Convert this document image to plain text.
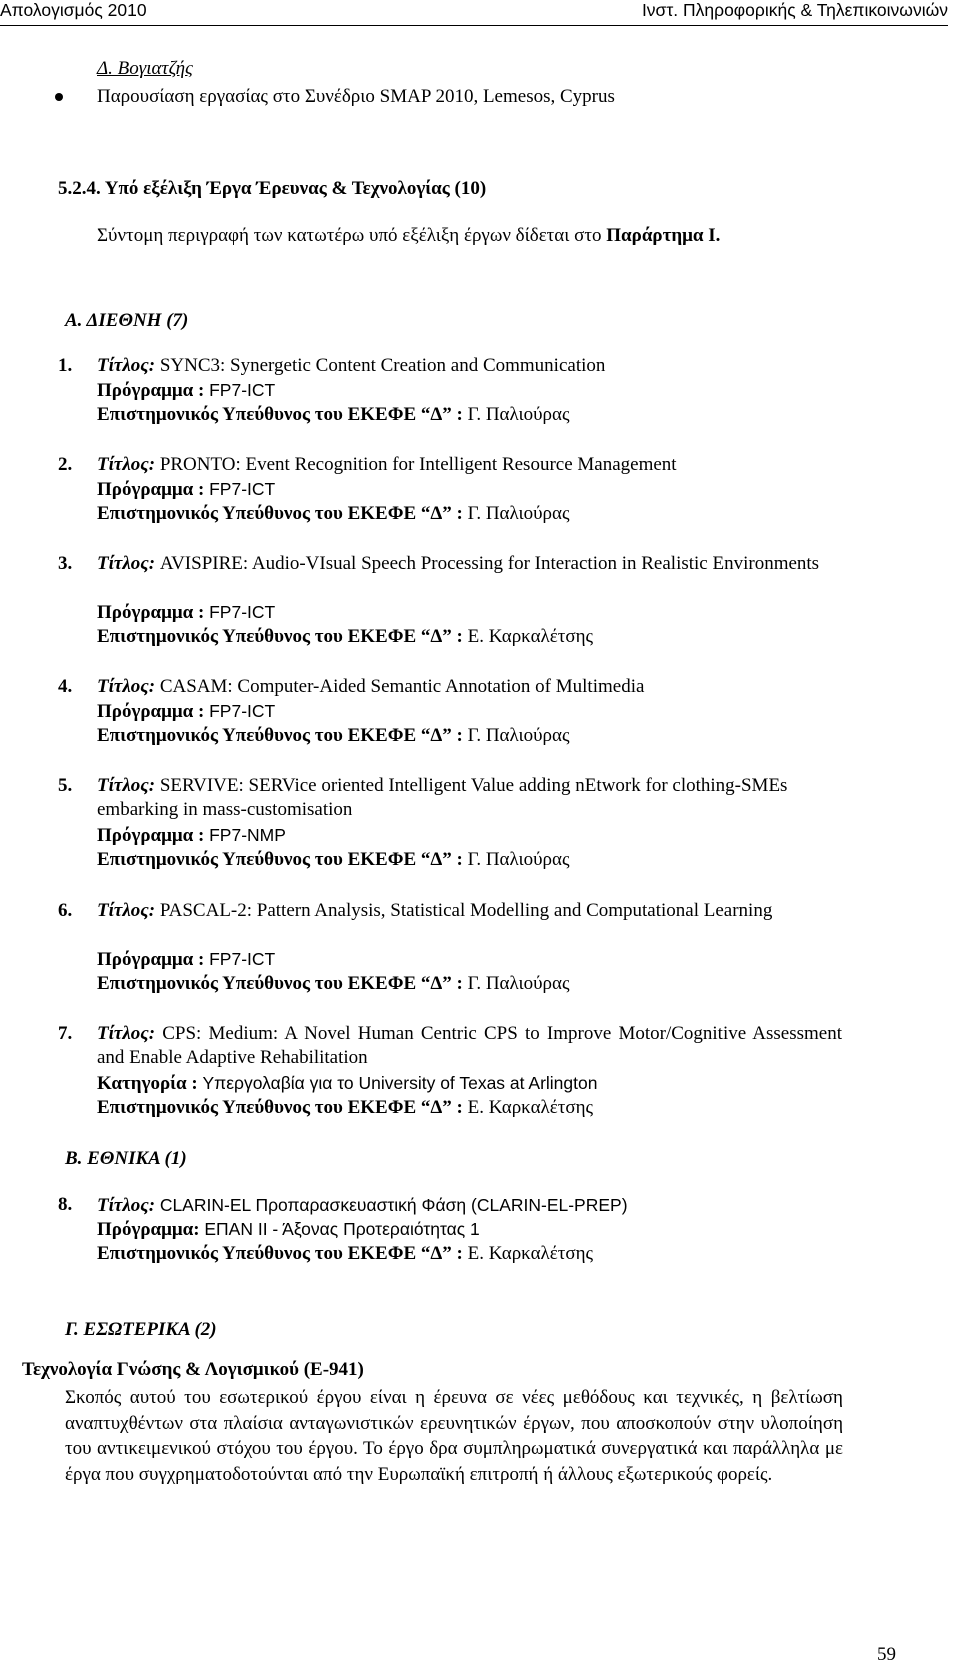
Απολογισμός 2010	Ινστ. Πληροφορικής & Τηλεπικοινωνιών
Δ. Βογιατζής
Παρουσίαση εργασίας στο Συνέδριο SMAP 2010, Lemesos, Cyprus
5.2.4. Υπό εξέλιξη Έργα Έρευνας & Τεχνολογίας (10)
Σύντομη περιγραφή των κατωτέρω υπό εξέλιξη έργων δίδεται στο Παράρτημα Ι.
Α. ΔΙΕΘΝΗ (7)
1. Τίτλος: SYNC3: Synergetic Content Creation and Communication
Πρόγραμμα : FP7-ICT
Επιστημονικός Υπεύθυνος του ΕΚΕΦΕ “Δ” : Γ. Παλιούρας
2. Τίτλος: PRONTO: Event Recognition for Intelligent Resource Management
Πρόγραμμα : FP7-ICT
Επιστημονικός Υπεύθυνος του ΕΚΕΦΕ “Δ” : Γ. Παλιούρας
3. Τίτλος: AVISPIRE: Audio-VIsual Speech Processing for Interaction in Realistic Environments
Πρόγραμμα : FP7-ICT
Επιστημονικός Υπεύθυνος του ΕΚΕΦΕ “Δ” : Ε. Καρκαλέτσης
4. Τίτλος: CASAM: Computer-Aided Semantic Annotation of Multimedia
Πρόγραμμα : FP7-ICT
Επιστημονικός Υπεύθυνος του ΕΚΕΦΕ “Δ” : Γ. Παλιούρας
5. Τίτλος: SERVIVE: SERVice oriented Intelligent Value adding nEtwork for clothing-SMEs embarking in mass-customisation
Πρόγραμμα : FP7-NMP
Επιστημονικός Υπεύθυνος του ΕΚΕΦΕ “Δ” : Γ. Παλιούρας
6. Τίτλος: PASCAL-2: Pattern Analysis, Statistical Modelling and Computational Learning
Πρόγραμμα : FP7-ICT
Επιστημονικός Υπεύθυνος του ΕΚΕΦΕ “Δ” : Γ. Παλιούρας
7. Τίτλος: CPS: Medium: A Novel Human Centric CPS to Improve Motor/Cognitive Assessment and Enable Adaptive Rehabilitation
Κατηγορία : Υπεργολαβία για το University of Texas at Arlington
Επιστημονικός Υπεύθυνος του ΕΚΕΦΕ “Δ” : Ε. Καρκαλέτσης
Β. ΕΘΝΙΚΑ (1)
8. Τίτλος: CLARIN-EL Προπαρασκευαστική Φάση (CLARIN-EL-PREP)
Πρόγραμμα: ΕΠΑΝ ΙΙ - Άξονας Προτεραιότητας 1
Επιστημονικός Υπεύθυνος του ΕΚΕΦΕ “Δ” : Ε. Καρκαλέτσης
Γ. ΕΣΩΤΕΡΙΚΑ (2)
Τεχνολογία Γνώσης & Λογισμικού (Ε-941)
Σκοπός αυτού του εσωτερικού έργου είναι η έρευνα σε νέες μεθόδους και τεχνικές, η βελτίωση αναπτυχθέντων στα πλαίσια ανταγωνιστικών ερευνητικών έργων, που αποσκοπούν στην υλοποίηση του αντικειμενικού στόχου του έργου. Το έργο δρα συμπληρωματικά συνεργατικά και παράλληλα με έργα που συγχρηματοδοτούνται από την Ευρωπαϊκή επιτροπή ή άλλους εξωτερικούς φορείς.
59
